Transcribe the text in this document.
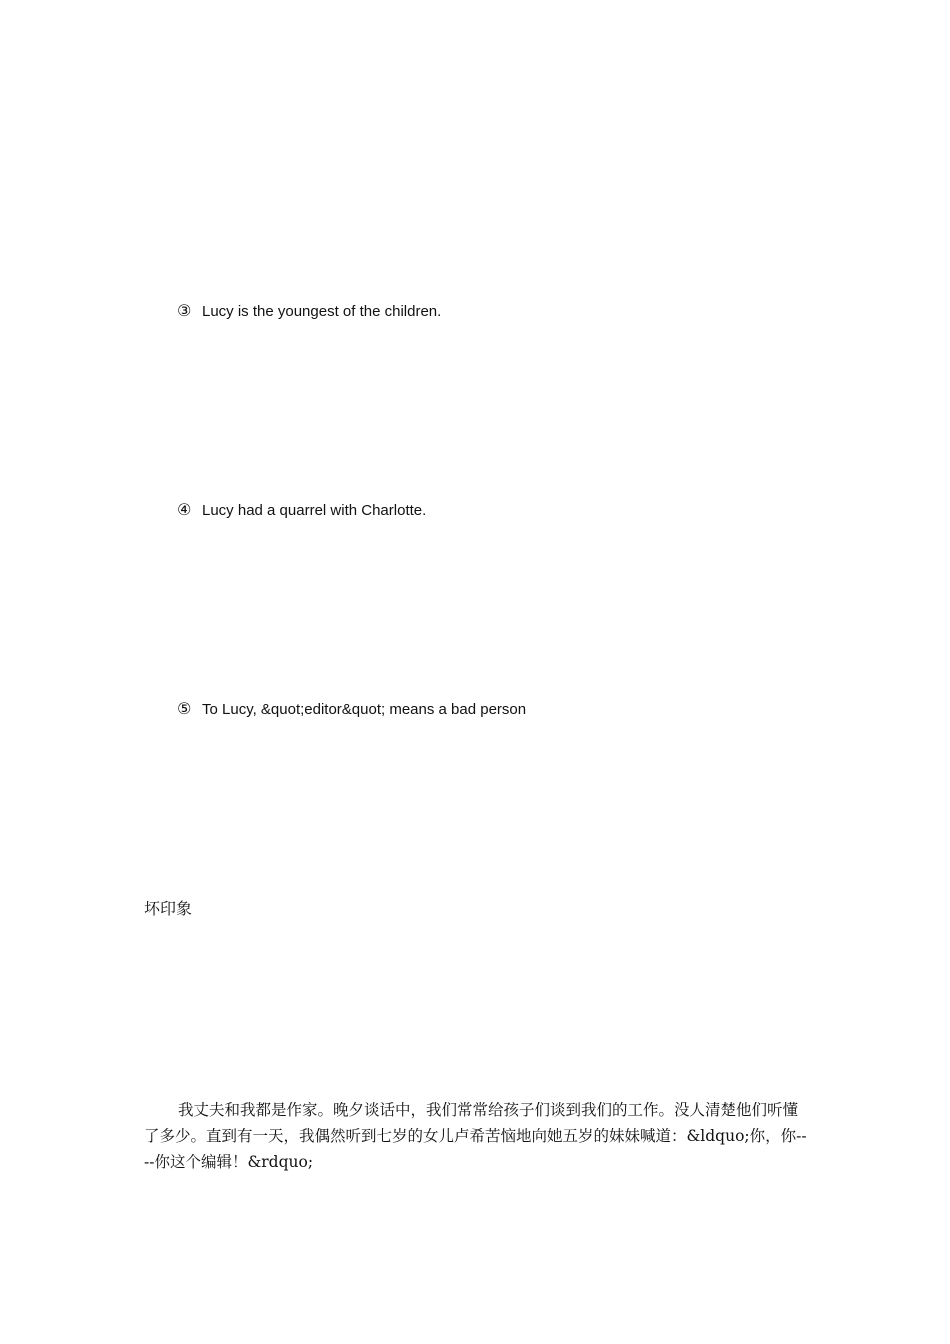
③ Lucy is the youngest of the children.
④ Lucy had a quarrel with Charlotte.
⑤ To Lucy, &quot;editor&quot; means a bad person
坏印象

我丈夫和我都是作家。晚夕谈话中，我们常常给孩子们谈到我们的工作。没人清楚他们听懂了多少。直到有一天，我偶然听到七岁的女儿卢希苦恼地向她五岁的妹妹喊道：&ldquo;你，你----你这个编辑！&rdquo;
